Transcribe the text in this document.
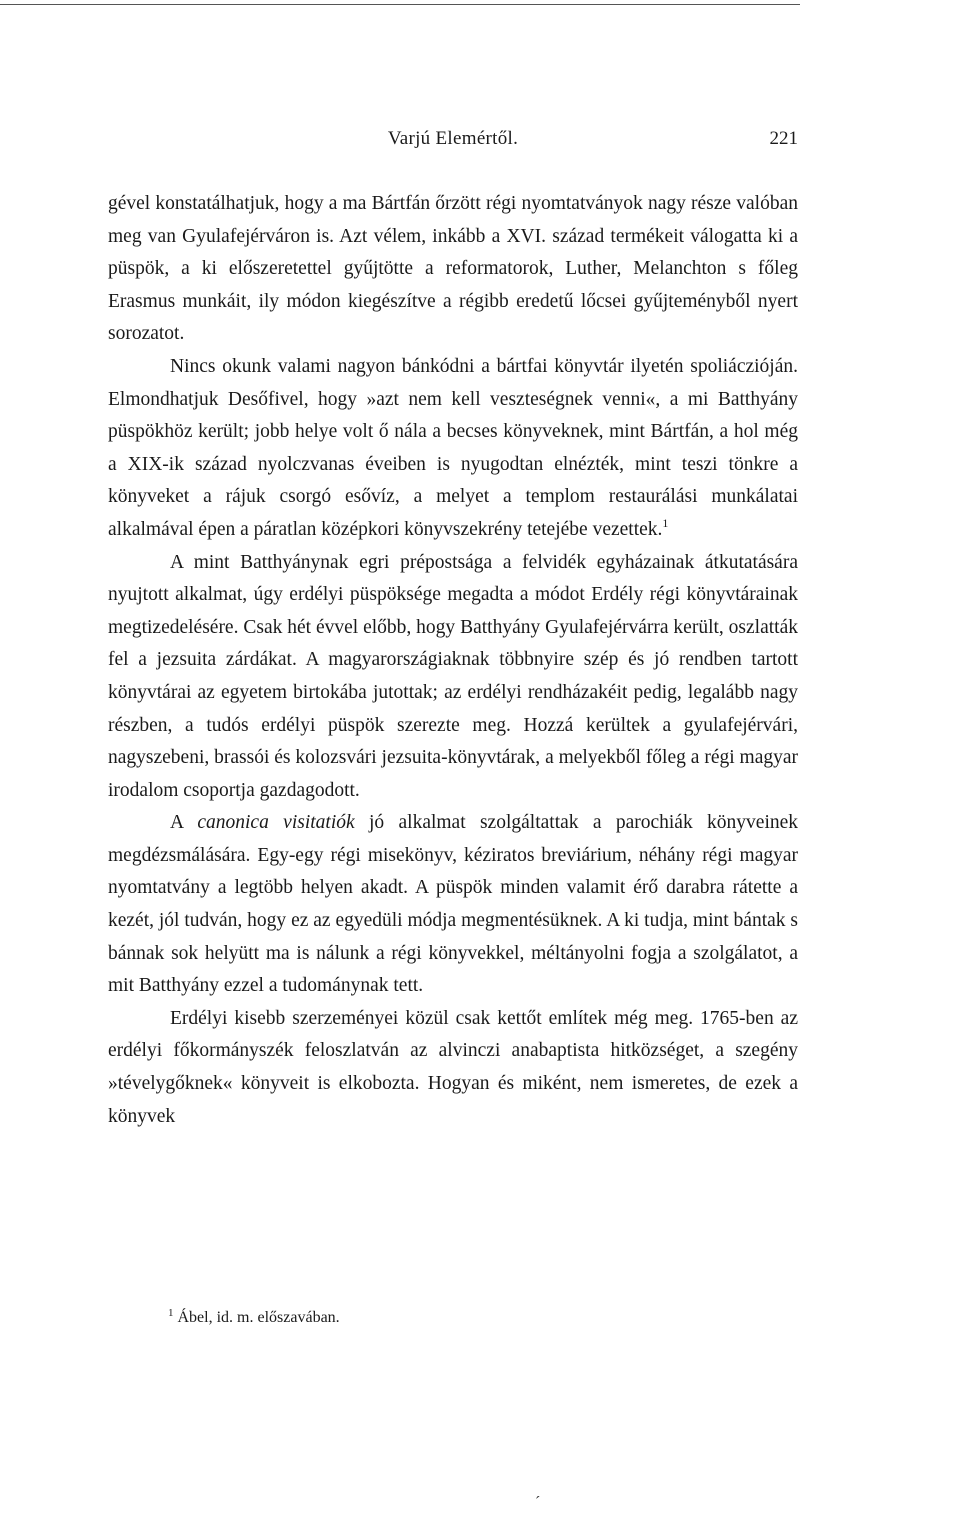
Varjú Elemértől.	221

gével konstatálhatjuk, hogy a ma Bártfán őrzött régi nyomtatványok nagy része valóban meg van Gyulafejérváron is. Azt vélem, inkább a XVI. század termékeit válogatta ki a püspök, a ki előszeretettel gyűjtötte a reformatorok, Luther, Melanchton s főleg Erasmus munkáit, ily módon kiegészítve a régibb eredetű lőcsei gyűjteményből nyert sorozatot.

Nincs okunk valami nagyon bánkódni a bártfai könyvtár ilyetén spoliáczióján. Elmondhatjuk Desőfivel, hogy »azt nem kell veszteségnek venni«, a mi Batthyány püspökhöz került; jobb helye volt ő nála a becses könyveknek, mint Bártfán, a hol még a XIX-ik század nyolczvanas éveiben is nyugodtan elnézték, mint teszi tönkre a könyveket a rájuk csorgó esővíz, a melyet a templom restaurálási munkálatai alkalmával épen a páratlan középkori könyvszekrény tetejébe vezettek.$^1$

A mint Batthyánynak egri prépostsága a felvidék egyházainak átkutatására nyujtott alkalmat, úgy erdélyi püspöksége megadta a módot Erdély régi könyvtárainak megtizedelésére. Csak hét évvel előbb, hogy Batthyány Gyulafejérvárra került, oszlatták fel a jezsuita zárdákat. A magyarországiaknak többnyire szép és jó rendben tartott könyvtárai az egyetem birtokába jutottak; az erdélyi rendházakéit pedig, legalább nagy részben, a tudós erdélyi püspök szerezte meg. Hozzá kerültek a gyulafejérvári, nagyszebeni, brassói és kolozsvári jezsuita-könyvtárak, a melyekből főleg a régi magyar irodalom csoportja gazdagodott.

A canonica visitatiók jó alkalmat szolgáltattak a parochiák könyveinek megdézsmálására. Egy-egy régi misekönyv, kéziratos breviárium, néhány régi magyar nyomtatvány a legtöbb helyen akadt. A püspök minden valamit érő darabra rátette a kezét, jól tudván, hogy ez az egyedüli módja megmentésüknek. A ki tudja, mint bántak s bánnak sok helyütt ma is nálunk a régi könyvekkel, méltányolni fogja a szolgálatot, a mit Batthyány ezzel a tudománynak tett.

Erdélyi kisebb szerzeményei közül csak kettőt említek még meg. 1765-ben az erdélyi főkormányszék feloszlatván az alvinczi anabaptista hitközséget, a szegény »tévelygőknek« könyveit is elkobozta. Hogyan és miként, nem ismeretes, de ezek a könyvek

$^1$ Ábel, id. m. előszavában.
ˊ
